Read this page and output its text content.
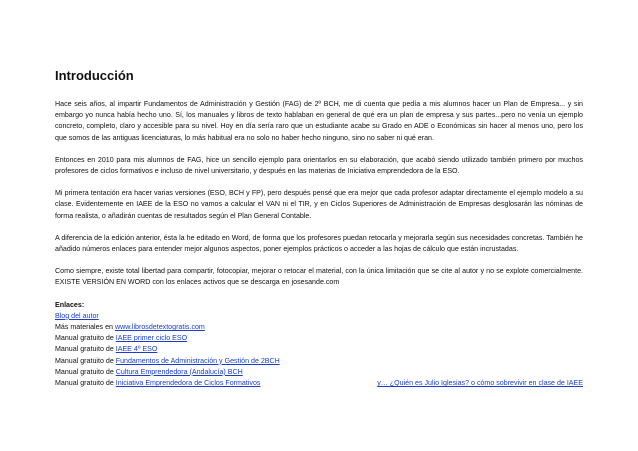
Introducción

Hace seis años, al impartir Fundamentos de Administración y Gestión (FAG) de 2º BCH, me di cuenta que pedía a mis alumnos hacer un Plan de Empresa... y sin embargo yo nunca había hecho uno. Sí, los manuales y libros de texto hablaban en general de qué era un plan de empresa y sus partes...pero no venía un ejemplo concreto, completo, claro y accesible para su nivel. Hoy en día sería raro que un estudiante acabe su Grado en ADE o Económicas sin hacer al menos uno, pero los que somos de las antiguas licenciaturas, lo más habitual era no solo no haber hecho ninguno, sino no saber ni qué eran.

Entonces en 2010 para mis alumnos de FAG, hice un sencillo ejemplo para orientarlos en su elaboración, que acabó siendo utilizado también primero por muchos profesores de ciclos formativos e incluso de nivel universitario, y después en las materias de Iniciativa emprendedora de la ESO.

Mi primera tentación era hacer varias versiones (ESO, BCH y FP), pero después pensé que era mejor que cada profesor adaptar directamente el ejemplo modelo a su clase. Evidentemente en IAEE de la ESO no vamos a calcular el VAN ni el TIR, y en Ciclos Superiores de Administración de Empresas desglosarán las nóminas de forma realista, o añadirán cuentas de resultados según el Plan General Contable.

A diferencia de la edición anterior, ésta la he editado en Word, de forma que los profesores puedan retocarla y mejorarla según sus necesidades concretas. También he añadido números enlaces para entender mejor algunos aspectos, poner ejemplos prácticos o acceder a las hojas de cálculo que están incrustadas.

Como siempre, existe total libertad para compartir, fotocopiar, mejorar o retocar el material, con la única limitación que se cite al autor y no se explote comercialmente. EXISTE VERSIÓN EN WORD con los enlaces activos que se descarga en josesande.com

Enlaces:
Blog del autor
Más materiales en www.librosdetextogratis.com
Manual gratuito de IAEE primer ciclo ESO
Manual gratuito de IAEE 4º ESO
Manual gratuito de Fundamentos de Administración y Gestión de 2BCH
Manual gratuito de Cultura Emprendedora (Andalucía) BCH
Manual gratuito de Iniciativa Emprendedora de Ciclos Formativos	y… ¿Quién es Julio Iglesias? o cómo sobrevivir en clase de IAEE
